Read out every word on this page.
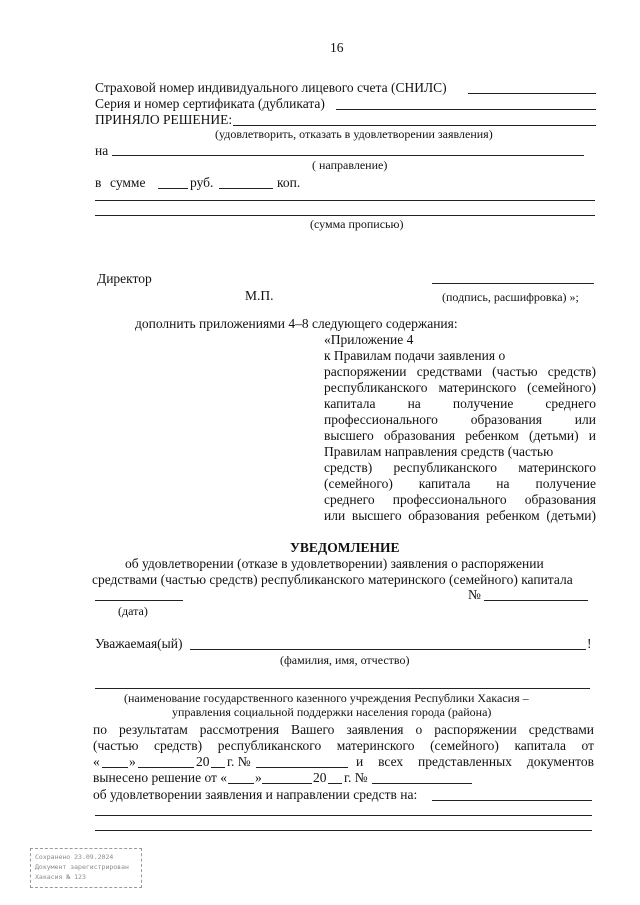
16
Страховой номер индивидуального лицевого счета (СНИЛС)
Серия и номер сертификата (дубликата)
ПРИНЯЛО РЕШЕНИЕ:
(удовлетворить, отказать в удовлетворении заявления)
на
( направление)
в сумме	руб.	коп.
(сумма прописью)
Директор
М.П.	(подпись, расшифровка) »;
дополнить приложениями 4–8 следующего содержания:
«Приложение 4
к Правилам подачи заявления о
распоряжении средствами (частью средств)
республиканского материнского (семейного)
капитала на получение среднего
профессионального образования или
высшего образования ребенком (детьми) и
Правилам направления средств (частью
средств) республиканского материнского
(семейного) капитала на получение
среднего профессионального образования
или высшего образования ребенком (детьми)
УВЕДОМЛЕНИЕ
об удовлетворении (отказе в удовлетворении) заявления о распоряжении
средствами (частью средств) республиканского материнского (семейного) капитала
(дата)
№
Уважаемая(ый)	!
(фамилия, имя, отчество)
(наименование государственного казенного учреждения Республики Хакасия –
управления социальной поддержки населения города (района)
по результатам рассмотрения Вашего заявления о распоряжении средствами
(частью средств) республиканского материнского (семейного) капитала от
« »	20 г. №	и всех представленных документов
вынесено решение от « »	20 г. №
об удовлетворении заявления и направлении средств на:
Сохранено 23.09.2024
Документ зарегистрирован
Хакасия № 123
